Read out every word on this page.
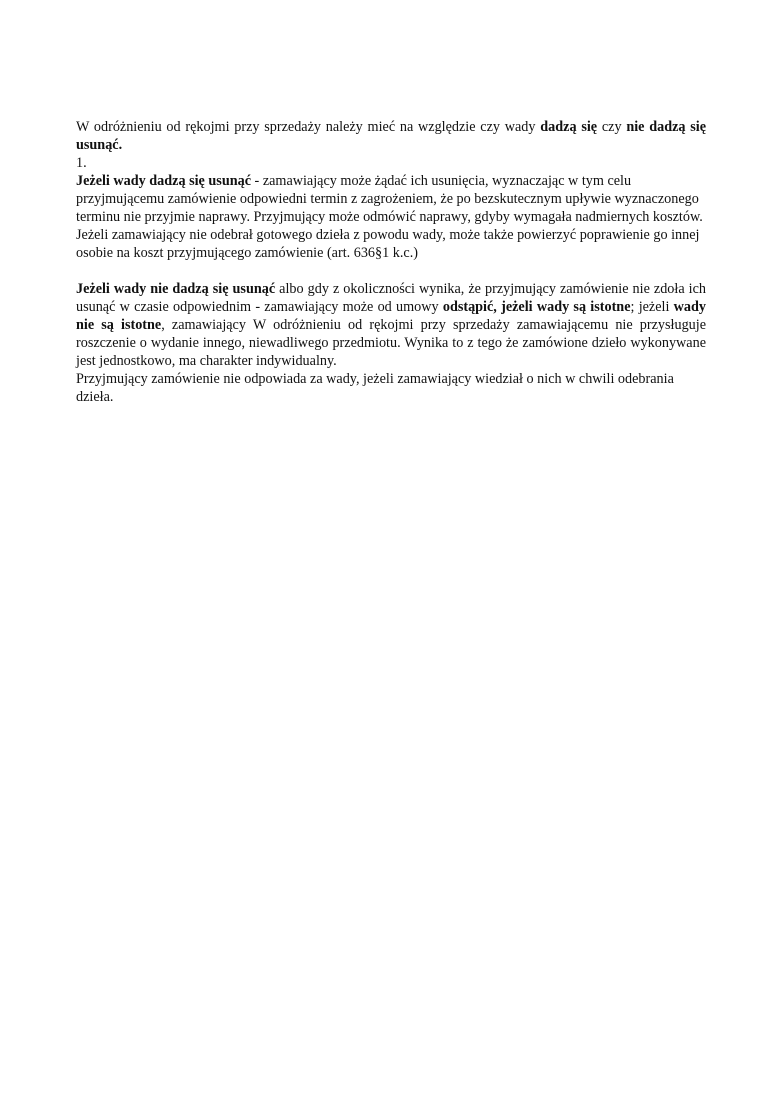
W odróżnieniu od rękojmi przy sprzedaży należy mieć na względzie czy wady dadzą się czy nie dadzą się usunąć.

1.

Jeżeli wady dadzą się usunąć - zamawiający może żądać ich usunięcia, wyznaczając w tym celu przyjmującemu zamówienie odpowiedni termin z zagrożeniem, że po bezskutecznym upływie wyznaczonego terminu nie przyjmie naprawy. Przyjmujący może odmówić naprawy, gdyby wymagała nadmiernych kosztów. Jeżeli zamawiający nie odebrał gotowego dzieła z powodu wady, może także powierzyć poprawienie go innej osobie na koszt przyjmującego zamówienie (art. 636§1 k.c.)

Jeżeli wady nie dadzą się usunąć albo gdy z okoliczności wynika, że przyjmujący zamówienie nie zdoła ich usunąć w czasie odpowiednim - zamawiający może od umowy odstąpić, jeżeli wady są istotne; jeżeli wady nie są istotne, zamawiający W odróżnieniu od rękojmi przy sprzedaży zamawiającemu nie przysługuje roszczenie o wydanie innego, niewadliwego przedmiotu. Wynika to z tego że zamówione dzieło wykonywane jest jednostkowo, ma charakter indywidualny.

Przyjmujący zamówienie nie odpowiada za wady, jeżeli zamawiający wiedział o nich w chwili odebrania dzieła.
